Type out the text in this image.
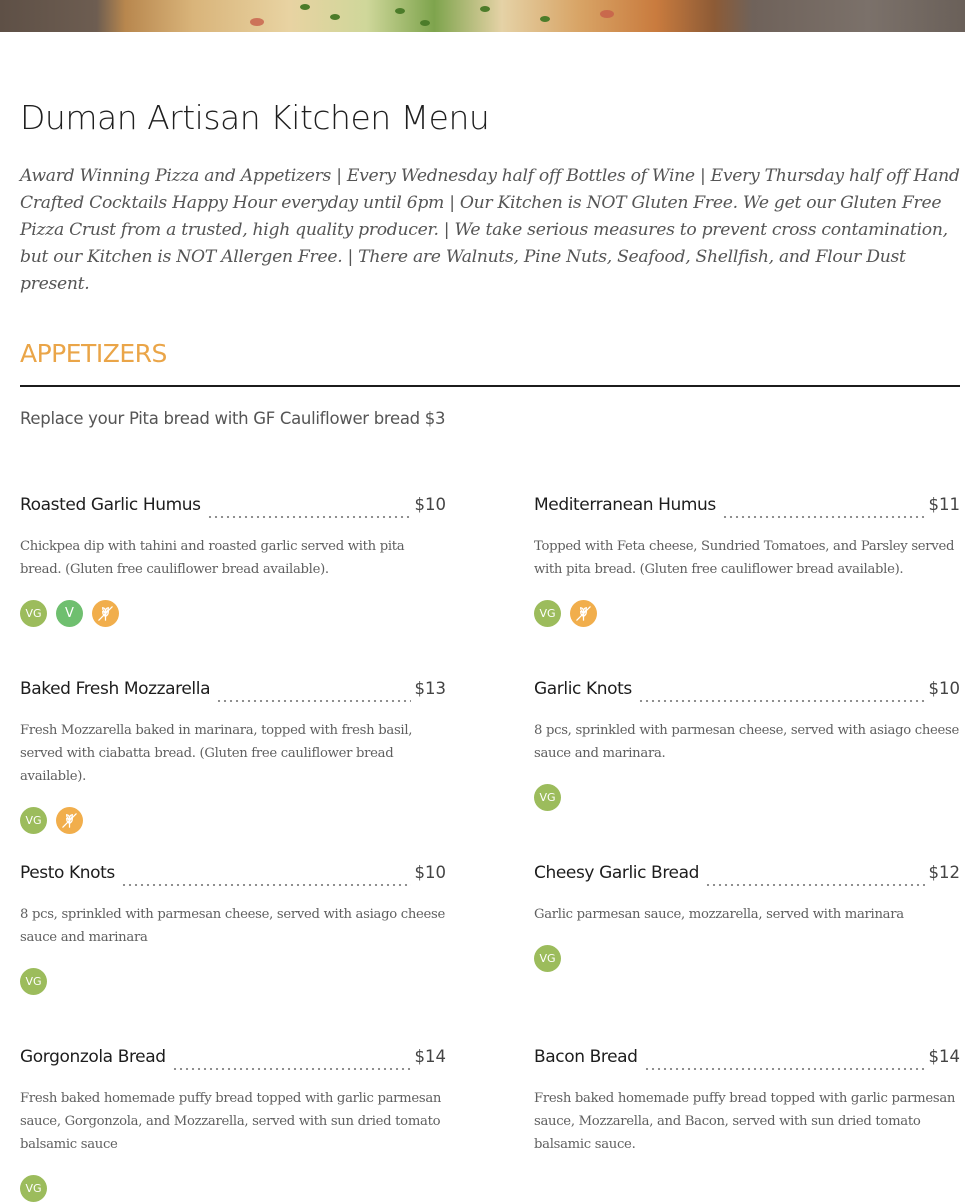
Duman Artisan Kitchen Menu

Award Winning Pizza and Appetizers | Every Wednesday half off Bottles of Wine | Every Thursday half off Hand Crafted Cocktails Happy Hour everyday until 6pm | Our Kitchen is NOT Gluten Free. We get our Gluten Free Pizza Crust from a trusted, high quality producer. | We take serious measures to prevent cross contamination, but our Kitchen is NOT Allergen Free. | There are Walnuts, Pine Nuts, Seafood, Shellfish, and Flour Dust present.

APPETIZERS

Replace your Pita bread with GF Cauliflower bread $3

Roasted Garlic Humus	$10

Chickpea dip with tahini and roasted garlic served with pita bread. (Gluten free cauliflower bread available).

VG	V
Mediterranean Humus	$11

Topped with Feta cheese, Sundried Tomatoes, and Parsley served with pita bread. (Gluten free cauliflower bread available).

VG
Baked Fresh Mozzarella	$13

Fresh Mozzarella baked in marinara, topped with fresh basil, served with ciabatta bread. (Gluten free cauliflower bread available).

VG
Garlic Knots	$10

8 pcs, sprinkled with parmesan cheese, served with asiago cheese sauce and marinara.

VG
Pesto Knots	$10

8 pcs, sprinkled with parmesan cheese, served with asiago cheese sauce and marinara

VG
Cheesy Garlic Bread	$12

Garlic parmesan sauce, mozzarella, served with marinara

VG
Gorgonzola Bread	$14

Fresh baked homemade puffy bread topped with garlic parmesan sauce, Gorgonzola, and Mozzarella, served with sun dried tomato balsamic sauce

VG
Bacon Bread	$14

Fresh baked homemade puffy bread topped with garlic parmesan sauce, Mozzarella, and Bacon, served with sun dried tomato balsamic sauce.
